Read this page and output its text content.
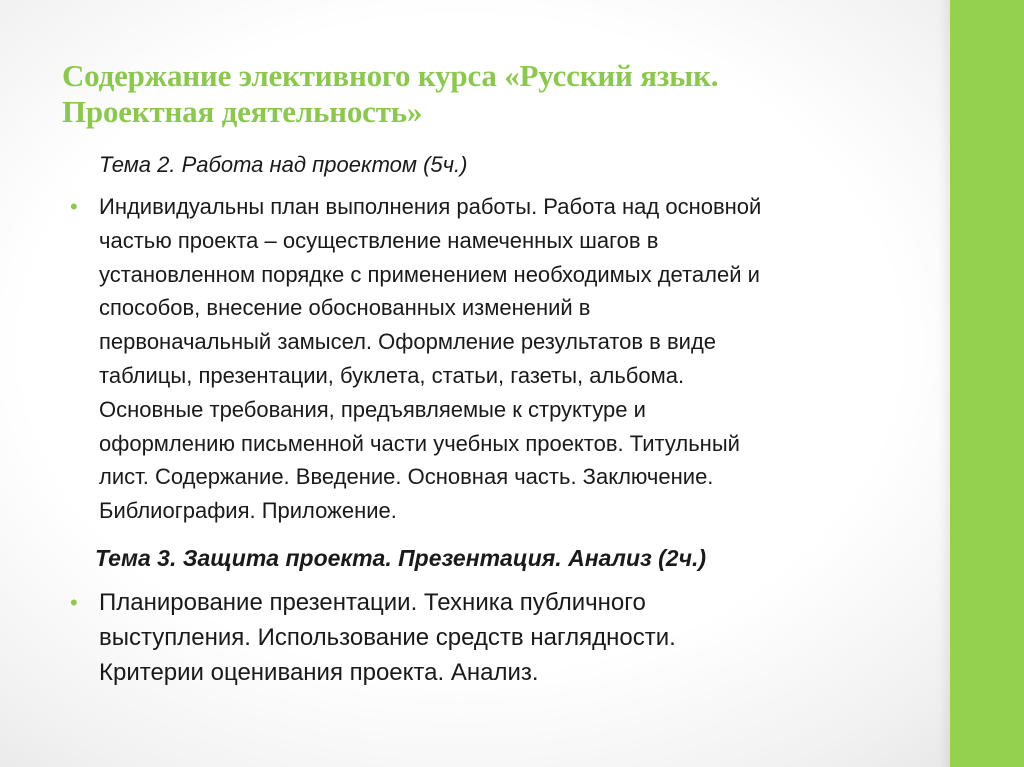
Содержание элективного курса «Русский язык.
Проектная деятельность»
Тема 2. Работа над проектом (5ч.)
• Индивидуальны план выполнения работы. Работа над основной
частью проекта – осуществление намеченных шагов в
установленном порядке с применением необходимых деталей и
способов, внесение обоснованных изменений в
первоначальный замысел. Оформление результатов в виде
таблицы, презентации, буклета, статьи, газеты, альбома.
Основные требования, предъявляемые к структуре и
оформлению письменной части учебных проектов. Титульный
лист. Содержание. Введение. Основная часть. Заключение.
Библиография. Приложение.
Тема 3. Защита проекта. Презентация. Анализ (2ч.)
• Планирование презентации. Техника публичного
выступления. Использование средств наглядности.
Критерии оценивания проекта. Анализ.
